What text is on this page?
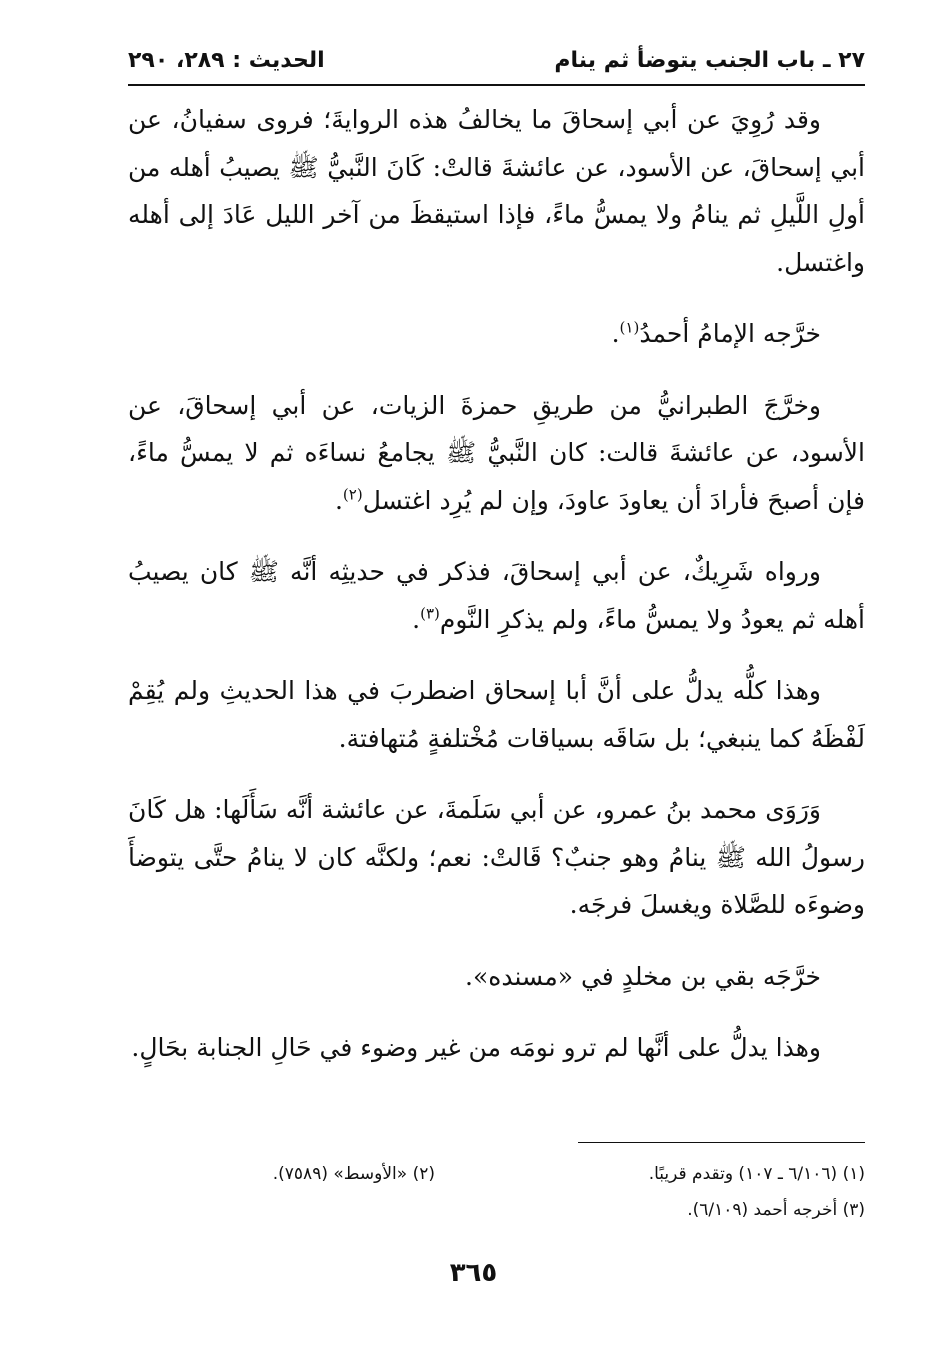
٢٧ ـ باب الجنب يتوضأ ثم ينام
الحديث : ٢٨٩، ٢٩٠

وقد رُوِيَ عن أبي إسحاقَ ما يخالفُ هذه الروايةَ؛ فروى سفيانُ، عن أبي إسحاقَ، عن الأسود، عن عائشةَ قالتْ: كَانَ النَّبيُّ ﷺ يصيبُ أهله من أولِ اللَّيلِ ثم ينامُ ولا يمسُّ ماءً، فإذا استيقظَ من آخر الليل عَادَ إلى أهله واغتسل.

خرَّجه الإمامُ أحمدُ$^{(١)}$.

وخرَّجَ الطبرانيُّ من طريقِ حمزةَ الزيات، عن أبي إسحاقَ، عن الأسود، عن عائشةَ قالت: كان النَّبيُّ ﷺ يجامعُ نساءَه ثم لا يمسُّ ماءً، فإن أصبحَ فأرادَ أن يعاودَ عاودَ، وإن لم يُرِد اغتسل$^{(٢)}$.

ورواه شَرِيكٌ، عن أبي إسحاقَ، فذكر في حديثِه أنَّه ﷺ كان يصيبُ أهله ثم يعودُ ولا يمسُّ ماءً، ولم يذكرِ النَّوم$^{(٣)}$.

وهذا كلُّه يدلُّ على أنَّ أبا إسحاق اضطربَ في هذا الحديثِ ولم يُقِمْ لَفْظَهُ كما ينبغي؛ بل سَاقَه بسياقات مُخْتلفةٍ مُتهافتة.

وَرَوَى محمد بنُ عمرو، عن أبي سَلَمةَ، عن عائشة أنَّه سَأَلَها: هل كَانَ رسولُ الله ﷺ ينامُ وهو جنبٌ؟ قَالتْ: نعم؛ ولكنَّه كان لا ينامُ حتَّى يتوضأَ وضوءَه للصَّلاة ويغسلَ فرجَه.

خرَّجَه بقي بن مخلدٍ في «مسنده».

وهذا يدلُّ على أنَّها لم ترو نومَه من غير وضوء في حَالِ الجنابة بحَالٍ.

(١) (٦/١٠٦ ـ ١٠٧) وتقدم قريبًا.
(٢) «الأوسط» (٧٥٨٩).
(٣) أخرجه أحمد (٦/١٠٩).
٣٦٥
